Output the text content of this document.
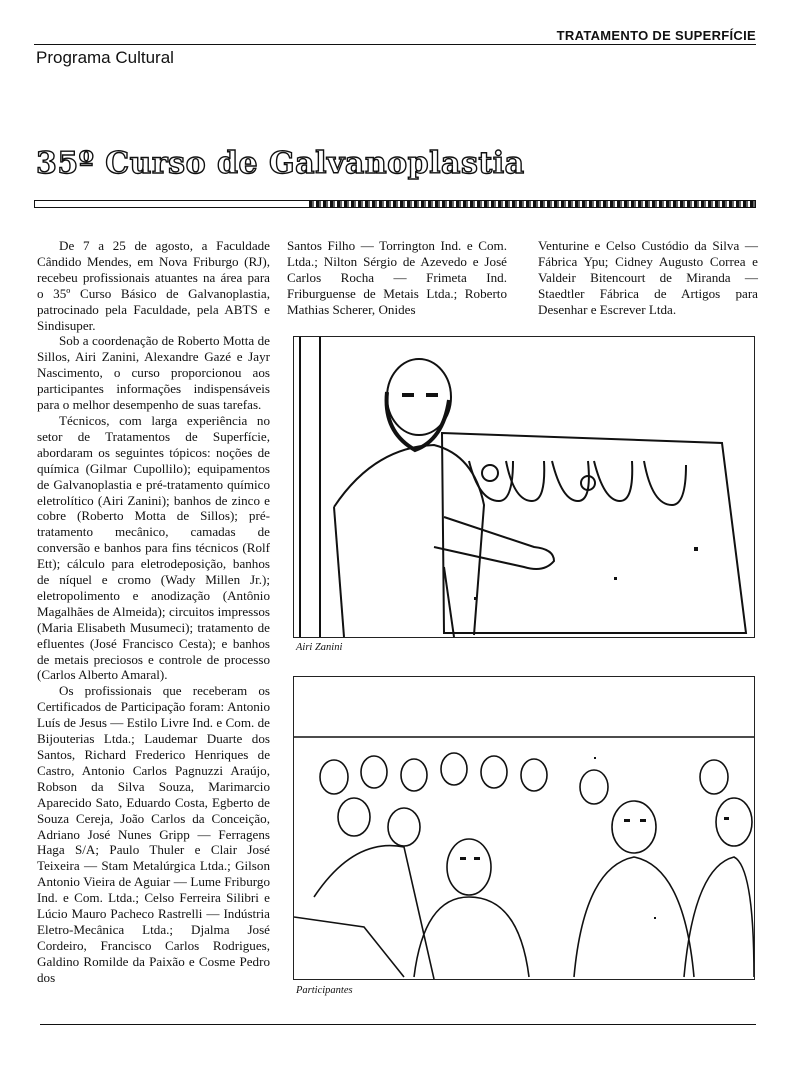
TRATAMENTO DE SUPERFÍCIE
Programa Cultural
35º Curso de Galvanoplastia

De 7 a 25 de agosto, a Faculdade Cândido Mendes, em Nova Friburgo (RJ), recebeu profissionais atuantes na área para o 35º Curso Básico de Galvanoplastia, patrocinado pela Faculdade, pela ABTS e Sindisuper.

Sob a coordenação de Roberto Motta de Sillos, Airi Zanini, Alexandre Gazé e Jayr Nascimento, o curso proporcionou aos participantes informações indispensáveis para o melhor desempenho de suas tarefas.

Técnicos, com larga experiência no setor de Tratamentos de Superfície, abordaram os seguintes tópicos: noções de química (Gilmar Cupollilo); equipamentos de Galvanoplastia e pré-tratamento químico eletrolítico (Airi Zanini); banhos de zinco e cobre (Roberto Motta de Sillos); pré-tratamento mecânico, camadas de conversão e banhos para fins técnicos (Rolf Ett); cálculo para eletrodeposição, banhos de níquel e cromo (Wady Millen Jr.); eletropolimento e anodização (Antônio Magalhães de Almeida); circuitos impressos (Maria Elisabeth Musumeci); tratamento de efluentes (José Francisco Cesta); e banhos de metais preciosos e controle de processo (Carlos Alberto Amaral).

Os profissionais que receberam os Certificados de Participação foram: Antonio Luís de Jesus — Estilo Livre Ind. e Com. de Bijouterias Ltda.; Laudemar Duarte dos Santos, Richard Frederico Henriques de Castro, Antonio Carlos Pagnuzzi Araújo, Robson da Silva Souza, Marimarcio Aparecido Sato, Eduardo Costa, Egberto de Souza Cereja, João Carlos da Conceição, Adriano José Nunes Gripp — Ferragens Haga S/A; Paulo Thuler e Clair José Teixeira — Stam Metalúrgica Ltda.; Gilson Antonio Vieira de Aguiar — Lume Friburgo Ind. e Com. Ltda.; Celso Ferreira Silibri e Lúcio Mauro Pacheco Rastrelli — Indústria Eletro-Mecânica Ltda.; Djalma José Cordeiro, Francisco Carlos Rodrigues, Galdino Romilde da Paixão e Cosme Pedro dos

Santos Filho — Torrington Ind. e Com. Ltda.; Nilton Sérgio de Azevedo e José Carlos Rocha — Frimeta Ind. Friburguense de Metais Ltda.; Roberto Mathias Scherer, Onides

Venturine e Celso Custódio da Silva — Fábrica Ypu; Cidney Augusto Correa e Valdeir Bitencourt de Miranda — Staedtler Fábrica de Artigos para Desenhar e Escrever Ltda.

Airi Zanini
Participantes
